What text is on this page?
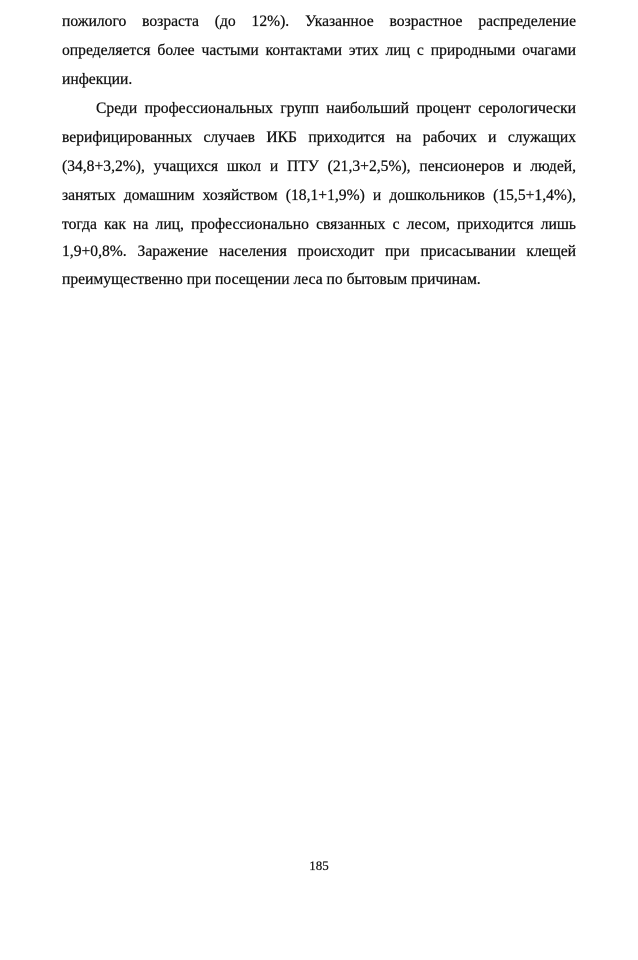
пожилого возраста (до 12%). Указанное возрастное распределение
определяется более частыми контактами этих лиц с природными очагами
инфекции.
Среди профессиональных групп наибольший процент серологически
верифицированных случаев ИКБ приходится на рабочих и служащих
(34,8+3,2%), учащихся школ и ПТУ (21,3+2,5%), пенсионеров и людей,
занятых домашним хозяйством (18,1+1,9%) и дошкольников (15,5+1,4%),
тогда как на лиц, профессионально связанных с лесом, приходится лишь
1,9+0,8%. Заражение населения происходит при присасывании клещей
преимущественно при посещении леса по бытовым причинам.
185
